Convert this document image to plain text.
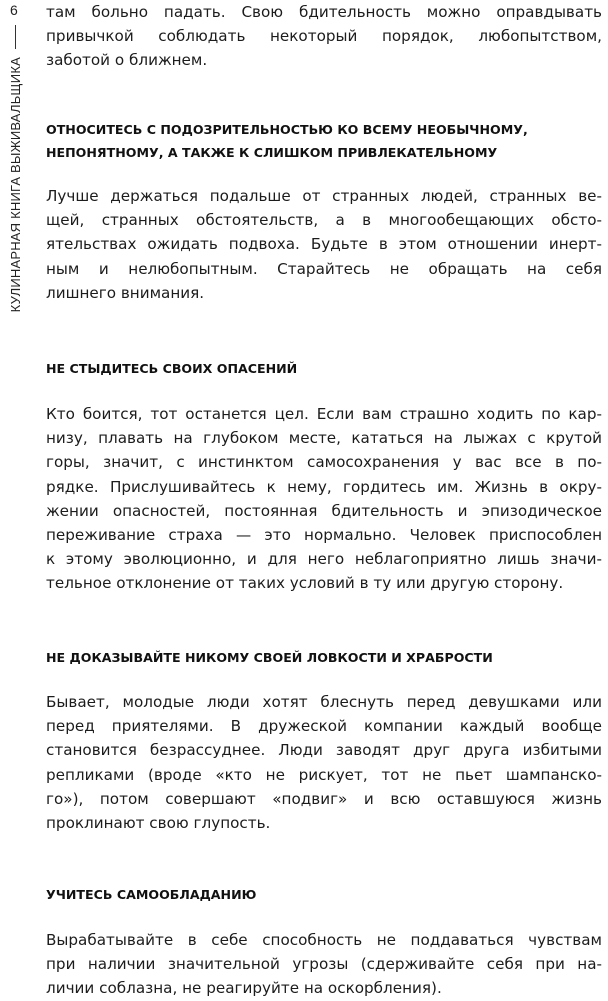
6
КУЛИНАРНАЯ КНИГА ВЫЖИВАЛЬЩИКА
там больно падать. Свою бдительность можно оправдывать
привычкой соблюдать некоторый порядок, любопытством,
заботой о ближнем.
ОТНОСИТЕСЬ С ПОДОЗРИТЕЛЬНОСТЬЮ КО ВСЕМУ НЕОБЫЧНОМУ,
НЕПОНЯТНОМУ, А ТАКЖЕ К СЛИШКОМ ПРИВЛЕКАТЕЛЬНОМУ
Лучше держаться подальше от странных людей, странных ве-
щей, странных обстоятельств, а в многообещающих обсто-
ятельствах ожидать подвоха. Будьте в этом отношении инерт-
ным и нелюбопытным. Старайтесь не обращать на себя
лишнего внимания.
НЕ СТЫДИТЕСЬ СВОИХ ОПАСЕНИЙ
Кто боится, тот останется цел. Если вам страшно ходить по кар-
низу, плавать на глубоком месте, кататься на лыжах с крутой
горы, значит, с инстинктом самосохранения у вас все в по-
рядке. Прислушивайтесь к нему, гордитесь им. Жизнь в окру-
жении опасностей, постоянная бдительность и эпизодическое
переживание страха — это нормально. Человек приспособлен
к этому эволюционно, и для него неблагоприятно лишь значи-
тельное отклонение от таких условий в ту или другую сторону.
НЕ ДОКАЗЫВАЙТЕ НИКОМУ СВОЕЙ ЛОВКОСТИ И ХРАБРОСТИ
Бывает, молодые люди хотят блеснуть перед девушками или
перед приятелями. В дружеской компании каждый вообще
становится безрассуднее. Люди заводят друг друга избитыми
репликами (вроде «кто не рискует, тот не пьет шампанско-
го»), потом совершают «подвиг» и всю оставшуюся жизнь
проклинают свою глупость.
УЧИТЕСЬ САМООБЛАДАНИЮ
Вырабатывайте в себе способность не поддаваться чувствам
при наличии значительной угрозы (сдерживайте себя при на-
личии соблазна, не реагируйте на оскорбления).
